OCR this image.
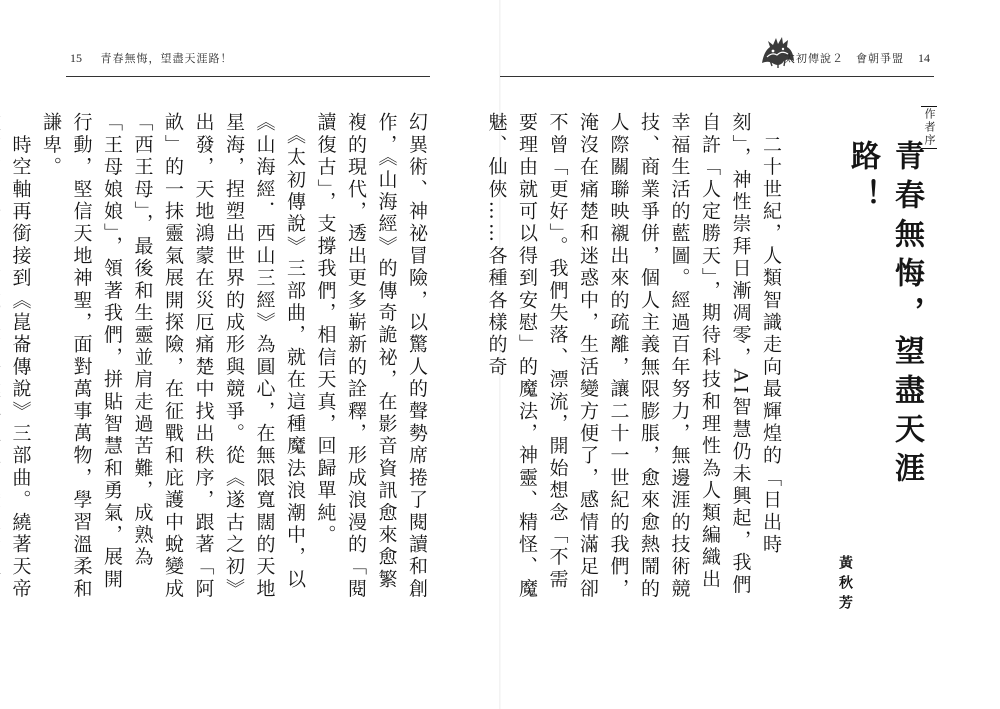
15 青春無悔，望盡天涯路！
幻異術、神祕冒險，以驚人的聲勢席捲了閱讀和創作，《山海經》的傳奇詭祕，在影音資訊愈來愈繁複的現代，透出更多嶄新的詮釋，形成浪漫的「閱讀復古」，支撐我們，相信天真，回歸單純。
　《太初傳說》三部曲，就在這種魔法浪潮中，以《山海經．西山三經》為圓心，在無限寬闊的天地星海，捏塑出世界的成形與競爭。從《遂古之初》出發，天地鴻蒙在災厄痛楚中找出秩序，跟著「阿畝」的一抹靈氣展開探險，在征戰和庇護中蛻變成「西王母」，最後和生靈並肩走過苦難，成熟為「王母娘娘」，領著我們，拼貼智慧和勇氣，展開行動，堅信天地神聖，面對萬事萬物，學習溫柔和謙卑。
　時空軸再銜接到《崑崙傳說》三部曲。繞著天帝
太初傳說２　會朝爭盟 14
作者序
青春無悔，望盡天涯路！
黃秋芳
　二十世紀，人類智識走向最輝煌的「日出時刻」，神性崇拜日漸凋零，AI智慧仍未興起，我們自許「人定勝天」，期待科技和理性為人類編織出幸福生活的藍圖。經過百年努力，無邊涯的技術競技、商業爭併，個人主義無限膨脹，愈來愈熱鬧的人際關聯映襯出來的疏離，讓二十一世紀的我們，淹沒在痛楚和迷惑中，生活變方便了，感情滿足卻不曾「更好」。我們失落、漂流，開始想念「不需要理由就可以得到安慰」的魔法，神靈、精怪、魔魅、仙俠……各種各樣的奇
